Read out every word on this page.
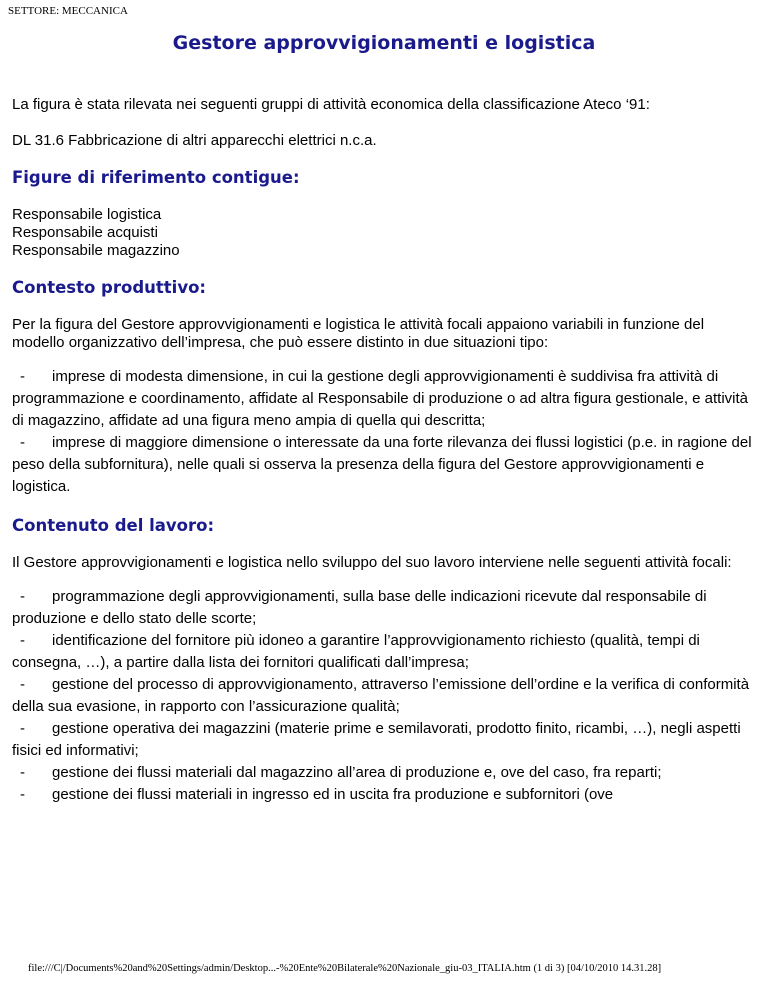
SETTORE: MECCANICA
Gestore approvvigionamenti e logistica

La figura è stata rilevata nei seguenti gruppi di attività economica della classificazione Ateco ‘91:

DL 31.6 Fabbricazione di altri apparecchi elettrici n.c.a.

Figure di riferimento contigue:
Responsabile logistica
Responsabile acquisti
Responsabile magazzino
Contesto produttivo:

Per la figura del Gestore approvvigionamenti e logistica le attività focali appaiono variabili in funzione del modello organizzativo dell’impresa, che può essere distinto in due situazioni tipo:

- imprese di modesta dimensione, in cui la gestione degli approvvigionamenti è suddivisa fra attività di programmazione e coordinamento, affidate al Responsabile di produzione o ad altra figura gestionale, e attività di magazzino, affidate ad una figura meno ampia di quella qui descritta;
- imprese di maggiore dimensione o interessate da una forte rilevanza dei flussi logistici (p.e. in ragione del peso della subfornitura), nelle quali si osserva la presenza della figura del Gestore approvvigionamenti e logistica.
Contenuto del lavoro:

Il Gestore approvvigionamenti e logistica nello sviluppo del suo lavoro interviene nelle seguenti attività focali:

- programmazione degli approvvigionamenti, sulla base delle indicazioni ricevute dal responsabile di produzione e dello stato delle scorte;
- identificazione del fornitore più idoneo a garantire l’approvvigionamento richiesto (qualità, tempi di consegna, …), a partire dalla lista dei fornitori qualificati dall’impresa;
- gestione del processo di approvvigionamento, attraverso l’emissione dell’ordine e la verifica di conformità della sua evasione, in rapporto con l’assicurazione qualità;
- gestione operativa dei magazzini (materie prime e semilavorati, prodotto finito, ricambi, …), negli aspetti fisici ed informativi;
- gestione dei flussi materiali dal magazzino all’area di produzione e, ove del caso, fra reparti;
- gestione dei flussi materiali in ingresso ed in uscita fra produzione e subfornitori (ove
file:///C|/Documents%20and%20Settings/admin/Desktop...-%20Ente%20Bilaterale%20Nazionale_giu-03_ITALIA.htm (1 di 3) [04/10/2010 14.31.28]
